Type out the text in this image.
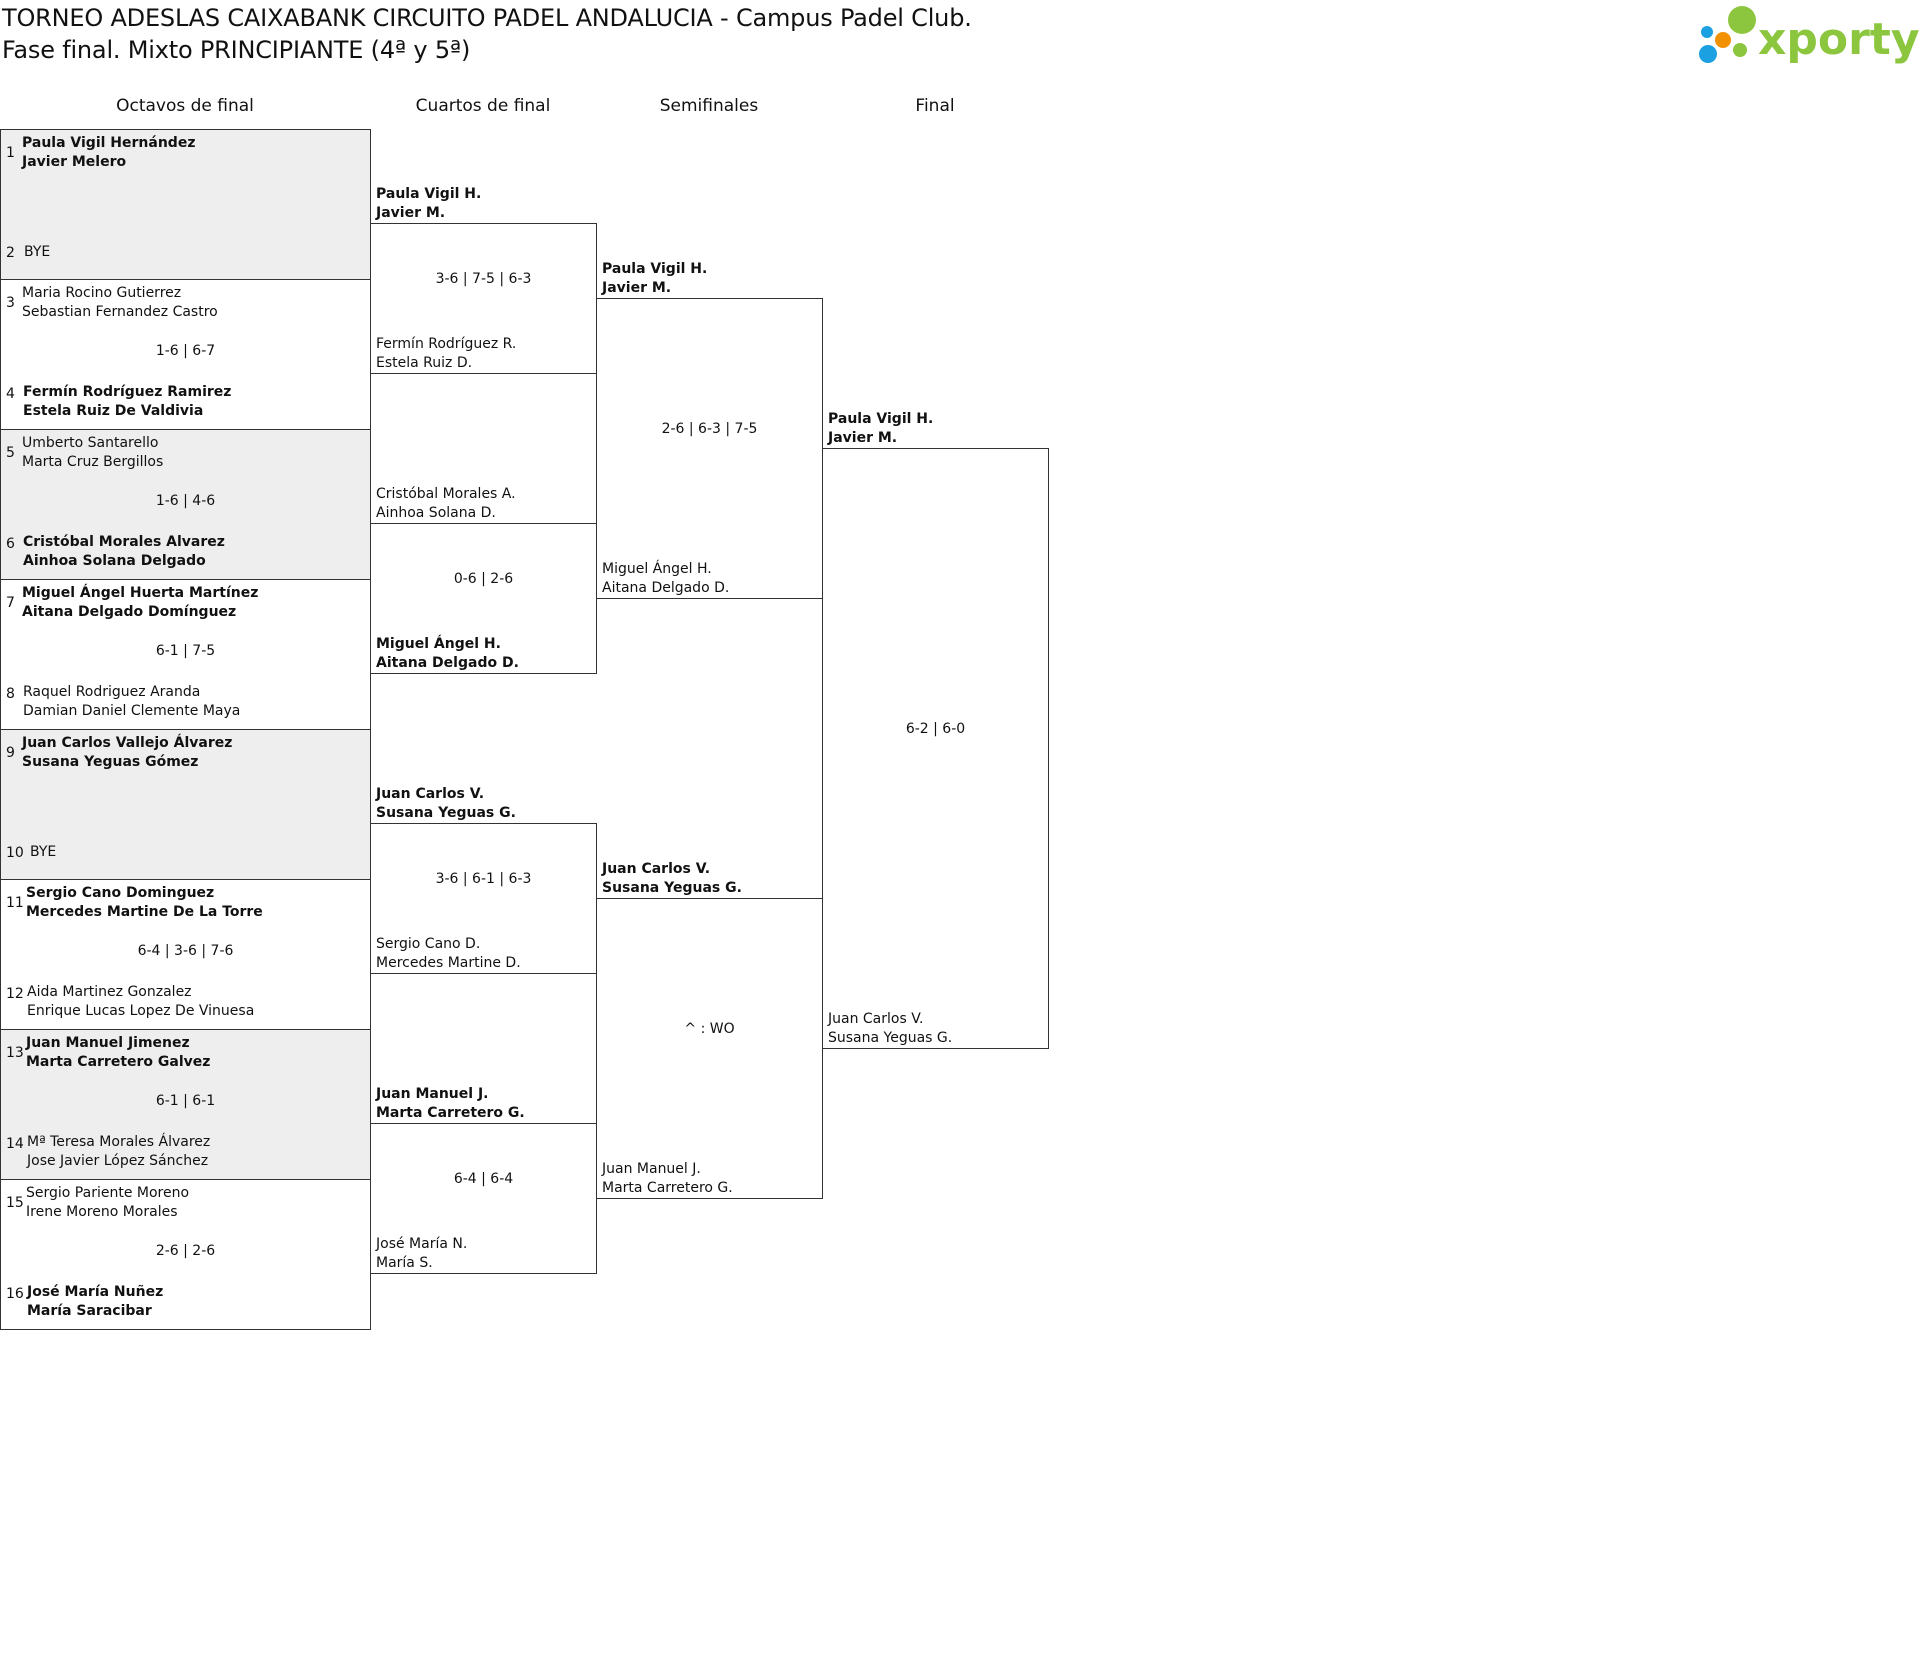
TORNEO ADESLAS CAIXABANK CIRCUITO PADEL ANDALUCIA - Campus Padel Club.
Fase final. Mixto PRINCIPIANTE (4ª y 5ª)	xporty
Octavos de final	Cuartos de final	Semifinales	Final
1
2
Paula Vigil Hernández
Javier Melero
BYE
3
4
Maria Rocino Gutierrez
Sebastian Fernandez Castro
Fermín Rodríguez Ramirez
Estela Ruiz De Valdivia
1-6 | 6-7
5
6
Umberto Santarello
Marta Cruz Bergillos
Cristóbal Morales Alvarez
Ainhoa Solana Delgado
1-6 | 4-6
7
8
Miguel Ángel Huerta Martínez
Aitana Delgado Domínguez
Raquel Rodriguez Aranda
Damian Daniel Clemente Maya
6-1 | 7-5
9
10
Juan Carlos Vallejo Álvarez
Susana Yeguas Gómez
BYE
11
12
Sergio Cano Dominguez
Mercedes Martine De La Torre
Aida Martinez Gonzalez
Enrique Lucas Lopez De Vinuesa
6-4 | 3-6 | 7-6
13
14
Juan Manuel Jimenez
Marta Carretero Galvez
Mª Teresa Morales Álvarez
Jose Javier López Sánchez
6-1 | 6-1
15
16
Sergio Pariente Moreno
Irene Moreno Morales
José María Nuñez
María Saracibar
2-6 | 2-6
Paula Vigil H.
Javier M.
Fermín Rodríguez R.
Estela Ruiz D.
3-6 | 7-5 | 6-3
Cristóbal Morales A.
Ainhoa Solana D.
Miguel Ángel H.
Aitana Delgado D.
0-6 | 2-6
Juan Carlos V.
Susana Yeguas G.
Sergio Cano D.
Mercedes Martine D.
3-6 | 6-1 | 6-3
Juan Manuel J.
Marta Carretero G.
José María N.
María S.
6-4 | 6-4
Paula Vigil H.
Javier M.
Miguel Ángel H.
Aitana Delgado D.
2-6 | 6-3 | 7-5
Juan Carlos V.
Susana Yeguas G.
Juan Manuel J.
Marta Carretero G.
^ : WO
Paula Vigil H.
Javier M.
Juan Carlos V.
Susana Yeguas G.
6-2 | 6-0
